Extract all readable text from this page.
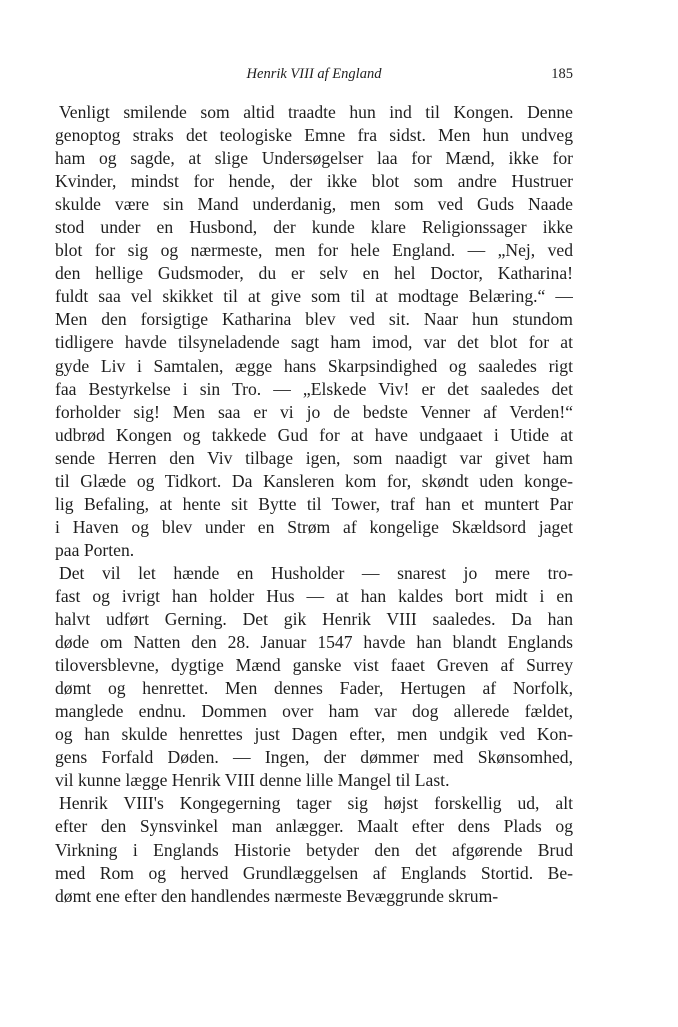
Henrik VIII af England	185
Venligt smilende som altid traadte hun ind til Kongen. Denne
genoptog straks det teologiske Emne fra sidst. Men hun undveg
ham og sagde, at slige Undersøgelser laa for Mænd, ikke for
Kvinder, mindst for hende, der ikke blot som andre Hustruer
skulde være sin Mand underdanig, men som ved Guds Naade
stod under en Husbond, der kunde klare Religionssager ikke
blot for sig og nærmeste, men for hele England. — „Nej, ved
den hellige Gudsmoder, du er selv en hel Doctor, Katharina!
fuldt saa vel skikket til at give som til at modtage Belæring.“ —
Men den forsigtige Katharina blev ved sit. Naar hun stundom
tidligere havde tilsyneladende sagt ham imod, var det blot for at
gyde Liv i Samtalen, ægge hans Skarpsindighed og saaledes rigt
faa Bestyrkelse i sin Tro. — „Elskede Viv! er det saaledes det
forholder sig! Men saa er vi jo de bedste Venner af Verden!“
udbrød Kongen og takkede Gud for at have undgaaet i Utide at
sende Herren den Viv tilbage igen, som naadigt var givet ham
til Glæde og Tidkort. Da Kansleren kom for, skøndt uden konge-
lig Befaling, at hente sit Bytte til Tower, traf han et muntert Par
i Haven og blev under en Strøm af kongelige Skældsord jaget
paa Porten.
Det vil let hænde en Husholder — snarest jo mere tro-
fast og ivrigt han holder Hus — at han kaldes bort midt i en
halvt udført Gerning. Det gik Henrik VIII saaledes. Da han
døde om Natten den 28. Januar 1547 havde han blandt Englands
tiloversblevne, dygtige Mænd ganske vist faaet Greven af Surrey
dømt og henrettet. Men dennes Fader, Hertugen af Norfolk,
manglede endnu. Dommen over ham var dog allerede fældet,
og han skulde henrettes just Dagen efter, men undgik ved Kon-
gens Forfald Døden. — Ingen, der dømmer med Skønsomhed,
vil kunne lægge Henrik VIII denne lille Mangel til Last.
Henrik VIII's Kongegerning tager sig højst forskellig ud, alt
efter den Synsvinkel man anlægger. Maalt efter dens Plads og
Virkning i Englands Historie betyder den det afgørende Brud
med Rom og herved Grundlæggelsen af Englands Stortid. Be-
dømt ene efter den handlendes nærmeste Bevæggrunde skrum-
